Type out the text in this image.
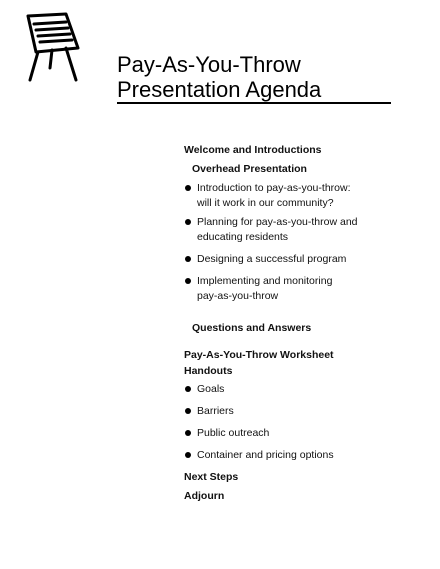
Pay-As-You-Throw
Presentation Agenda
Welcome and Introductions
Overhead Presentation
Introduction to pay-as-you-throw:
will it work in our community?
Planning for pay-as-you-throw and
educating residents
Designing a successful program
Implementing and monitoring
pay-as-you-throw
Questions and Answers
Pay-As-You-Throw Worksheet
Handouts
Goals
Barriers
Public outreach
Container and pricing options
Next Steps
Adjourn
